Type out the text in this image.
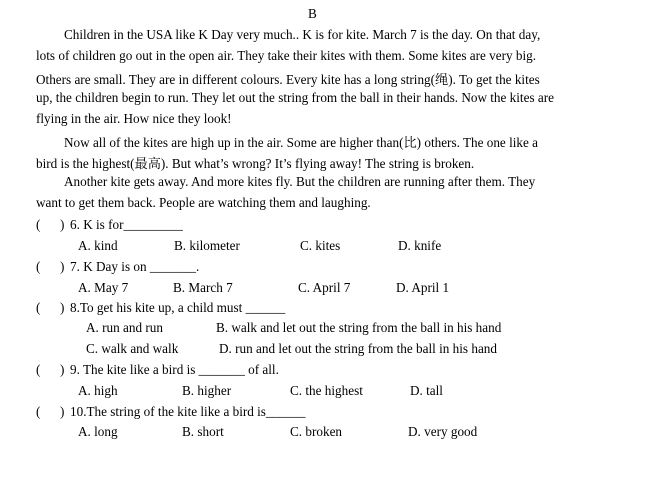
B
Children in the USA like K Day very much.. K is for kite. March 7 is the day. On that day,
lots of children go out in the open air. They take their kites with them. Some kites are very big.
Others are small. They are in different colours. Every kite has a long string(绳). To get the kites
up, the children begin to run. They let out the string from the ball in their hands. Now the kites are
flying in the air. How nice they look!
Now all of the kites are high up in the air. Some are higher than(比) others. The one like a
bird is the highest(最高). But what’s wrong? It’s flying away! The string is broken.
Another kite gets away. And more kites fly. But the children are running after them. They
want to get them back. People are watching them and laughing.
( ) 6. K is for_________
A. kind	B. kilometer	C. kites	D. knife
( ) 7. K Day is on _______.
A. May 7	B. March 7	C. April 7	D. April 1
( ) 8.To get his kite up, a child must ______
A. run and run	B. walk and let out the string from the ball in his hand
C. walk and walk	D. run and let out the string from the ball in his hand
( ) 9. The kite like a bird is _______ of all.
A. high	B. higher	C. the highest	D. tall
( ) 10.The string of the kite like a bird is______
A. long	B. short	C. broken	D. very good
